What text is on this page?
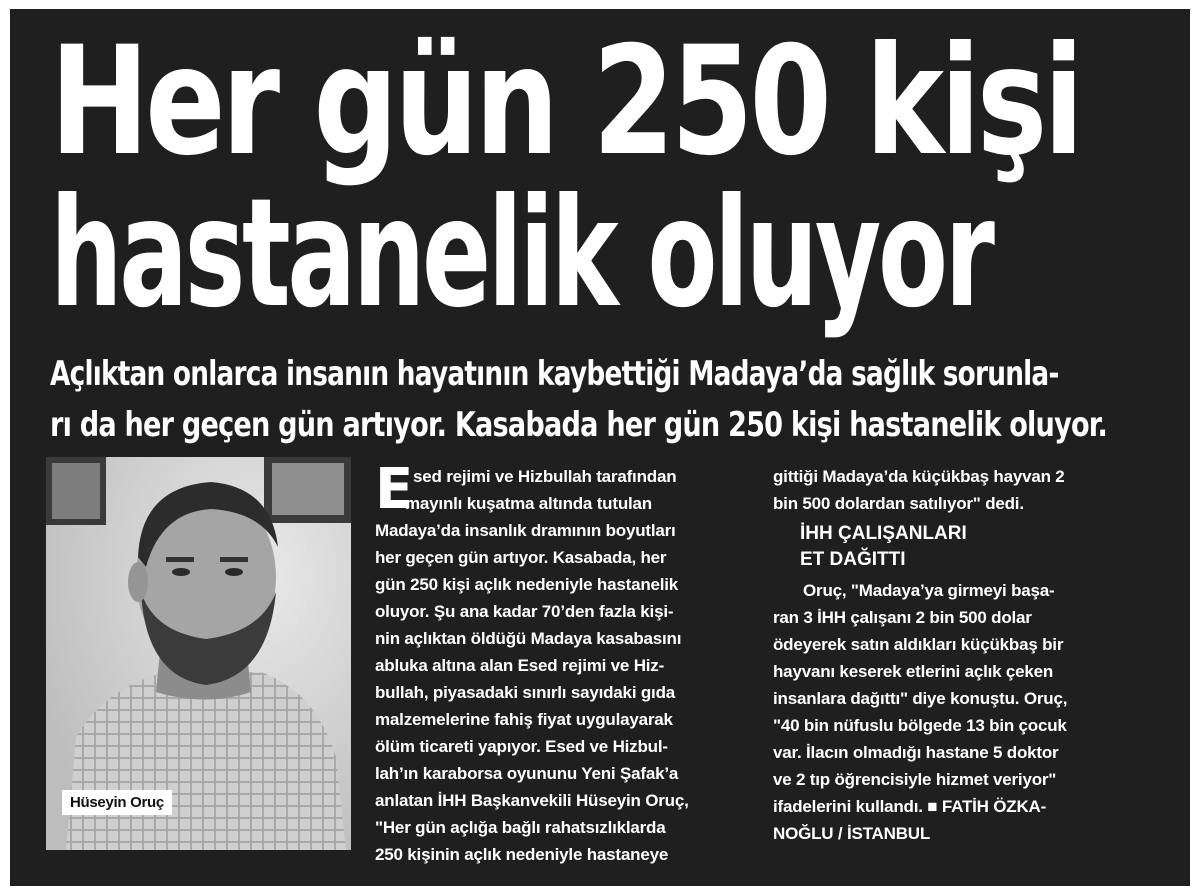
Her gün 250 kişi
hastanelik oluyor

Açlıktan onlarca insanın hayatının kaybettiği Madaya’da sağlık sorunla-
rı da her geçen gün artıyor. Kasabada her gün 250 kişi hastanelik oluyor.

Hüseyin Oruç
E sed rejimi ve Hizbullah tarafından
mayınlı kuşatma altında tutulan
Madaya’da insanlık dramının boyutları
her geçen gün artıyor. Kasabada, her
gün 250 kişi açlık nedeniyle hastanelik
oluyor. Şu ana kadar 70’den fazla kişi-
nin açlıktan öldüğü Madaya kasabasını
abluka altına alan Esed rejimi ve Hiz-
bullah, piyasadaki sınırlı sayıdaki gıda
malzemelerine fahiş fiyat uygulayarak
ölüm ticareti yapıyor. Esed ve Hizbul-
lah’ın karaborsa oyununu Yeni Şafak’a
anlatan İHH Başkanvekili Hüseyin Oruç,
"Her gün açlığa bağlı rahatsızlıklarda
250 kişinin açlık nedeniyle hastaneye
gittiği Madaya’da küçükbaş hayvan 2
bin 500 dolardan satılıyor" dedi.
İHH ÇALIŞANLARI
ET DAĞITTI
Oruç, "Madaya’ya girmeyi başa-
ran 3 İHH çalışanı 2 bin 500 dolar
ödeyerek satın aldıkları küçükbaş bir
hayvanı keserek etlerini açlık çeken
insanlara dağıttı" diye konuştu. Oruç,
"40 bin nüfuslu bölgede 13 bin çocuk
var. İlacın olmadığı hastane 5 doktor
ve 2 tıp öğrencisiyle hizmet veriyor"
ifadelerini kullandı. ■ FATİH ÖZKA-
NOĞLU / İSTANBUL
